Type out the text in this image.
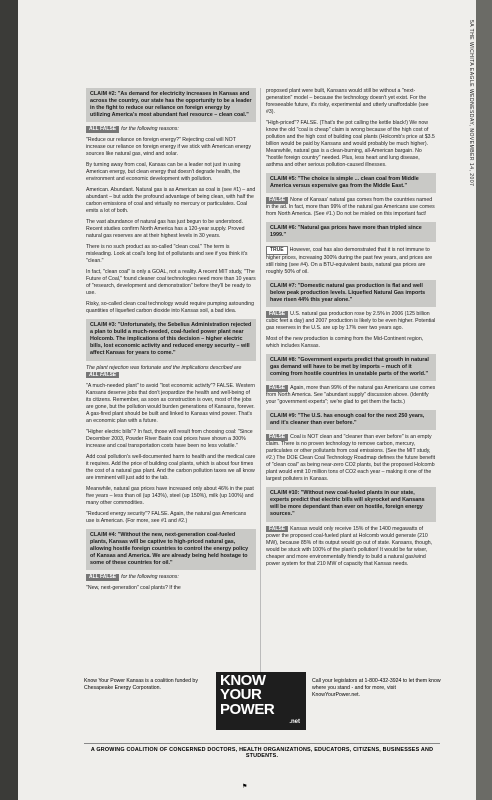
5A THE WICHITA EAGLE WEDNESDAY, NOVEMBER 14, 2007
CLAIM #2: "As demand for electricity increases in Kansas and across the country, our state has the opportunity to be a leader in the fight to reduce our reliance on foreign energy by utilizing America's most abundant fuel resource – clean coal."

ALL FALSE for the following reasons:

"Reduce our reliance on foreign energy?" Rejecting coal will NOT increase our reliance on foreign energy if we stick with American energy sources like natural gas, wind and solar.

By turning away from coal, Kansas can be a leader not just in using American energy, but clean energy that doesn't degrade health, the environment and economic development with pollution.

American. Abundant. Natural gas is as American as coal is (see #1) – and abundant – but adds the profound advantage of being clean, with half the carbon emissions of coal and virtually no mercury or particulates. Coal emits a lot of both.

The vast abundance of natural gas has just begun to be understood. Recent studies confirm North America has a 120-year supply. Proved natural gas reserves are at their highest levels in 30 years.

There is no such product as so-called "clean coal." The term is misleading. Look at coal's long list of pollutants and see if you think it's "clean."

In fact, "clean coal" is only a GOAL, not a reality. A recent MIT study, "The Future of Coal," found cleaner coal technologies need more than 10 years of "research, development and demonstration" before they'll be ready to use.

Risky, so-called clean coal technology would require pumping astounding quantities of liquefied carbon dioxide into Kansas soil, a bad idea.

CLAIM #3: "Unfortunately, the Sebelius Administration rejected a plan to build a much-needed, coal-fueled power plant near Holcomb. The implications of this decision – higher electric bills, lost economic activity and reduced energy security – will affect Kansas for years to come."

The plant rejection was fortunate and the implications described are ALL FALSE

"A much-needed plant" to avoid "lost economic activity"? FALSE. Western Kansans deserve jobs that don't jeopardize the health and well-being of its citizens. Remember, as soon as construction is over, most of the jobs are gone, but the pollution would burden generations of Kansans, forever. A gas-fired plant should be built and linked to Kansas wind power. That's an economic plan with a future.

"Higher electric bills"? In fact, those will result from choosing coal: "Since December 2003, Powder River Basin coal prices have shown a 300% increase and coal transportation costs have been no less volatile."

Add coal pollution's well-documented harm to health and the medical care it requires. Add the price of building coal plants, which is about four times the cost of a natural gas plant. And the carbon pollution taxes we all know are imminent will just add to the tab.

Meanwhile, natural gas prices have increased only about 46% in the past five years – less than oil (up 143%), steel (up 150%), milk (up 100%) and many other commodities.

"Reduced energy security"? FALSE. Again, the natural gas Americans use is American. (For more, see #1 and #2.)

CLAIM #4: "Without the new, next-generation coal-fueled plants, Kansas will be captive to high-priced natural gas, allowing hostile foreign countries to control the energy policy of Kansas and America. We are already being held hostage to some of these countries for oil."

ALL FALSE for the following reasons:

"New, next-generation" coal plants? If the

proposed plant were built, Kansans would still be without a "next-generation" model – because the technology doesn't yet exist. For the foreseeable future, it's risky, experimental and utterly unaffordable (see #3).

"High-priced"? FALSE. (That's the pot calling the kettle black!) We now know the old "coal is cheap" claim is wrong because of the high cost of pollution and the high cost of building coal plants (Holcomb's price at $3.5 billion would be paid by Kansans and would probably be much higher). Meanwhile, natural gas is a clean-burning, all-American bargain. No "hostile foreign country" needed. Plus, less heart and lung disease, asthma and other serious pollution-caused illnesses.

CLAIM #5: "The choice is simple ... clean coal from Middle America versus expensive gas from the Middle East."

FALSE None of Kansas' natural gas comes from the countries named in the ad. In fact, more than 99% of the natural gas Americans use comes from North America. (See #1.) Do not be misled on this important fact!

CLAIM #6: "Natural gas prices have more than tripled since 1999."

TRUE However, coal has also demonstrated that it is not immune to higher prices, increasing 300% during the past few years, and prices are still rising (see #4). On a BTU-equivalent basis, natural gas prices are roughly 50% of oil.

CLAIM #7: "Domestic natural gas production is flat and well below peak production levels. Liquefied Natural Gas imports have risen 44% this year alone."

FALSE U.S. natural gas production rose by 2.5% in 2006 (125 billion cubic feet a day) and 2007 production is likely to be even higher. Potential gas reserves in the U.S. are up by 17% over two years ago.

Most of the new production is coming from the Mid-Continent region, which includes Kansas.

CLAIM #8: "Government experts predict that growth in natural gas demand will have to be met by imports – much of it coming from hostile countries in unstable parts of the world."

FALSE Again, more than 99% of the natural gas Americans use comes from North America. See "abundant supply" discussion above. (Identify your "government experts"; we're glad to get them the facts.)

CLAIM #9: "The U.S. has enough coal for the next 250 years, and it's cleaner than ever before."

FALSE Coal is NOT clean and "cleaner than ever before" is an empty claim. There is no proven technology to remove carbon, mercury, particulates or other pollutants from coal emissions. (See the MIT study, #2.) The DOE Clean Coal Technology Roadmap defines the future benefit of "clean coal" as being near-zero CO2 plants, but the proposed Holcomb plant would emit 10 million tons of CO2 each year – making it one of the largest polluters in Kansas.

CLAIM #10: "Without new coal-fueled plants in our state, experts predict that electric bills will skyrocket and Kansans will be more dependant than ever on hostile, foreign energy sources."

FALSE Kansas would only receive 15% of the 1400 megawatts of power the proposed coal-fueled plant at Holcomb would generate (210 MW), because 85% of its output would go out of state. Kansans, though, would be stuck with 100% of the plant's pollution! It would be far wiser, cheaper and more environmentally friendly to build a natural gas/wind power system for that 210 MW of capacity that Kansas needs.

Know Your Power Kansas is a coalition funded by Chesapeake Energy Corporation.	KNOW
YOUR
POWER
.net
Call your legislators at 1-800-432-3924 to let them know where you stand - and for more, visit KnowYourPower.net.
A GROWING COALITION OF CONCERNED DOCTORS, HEALTH ORGANIZATIONS, EDUCATORS, CITIZENS, BUSINESSES AND STUDENTS.
⚑
